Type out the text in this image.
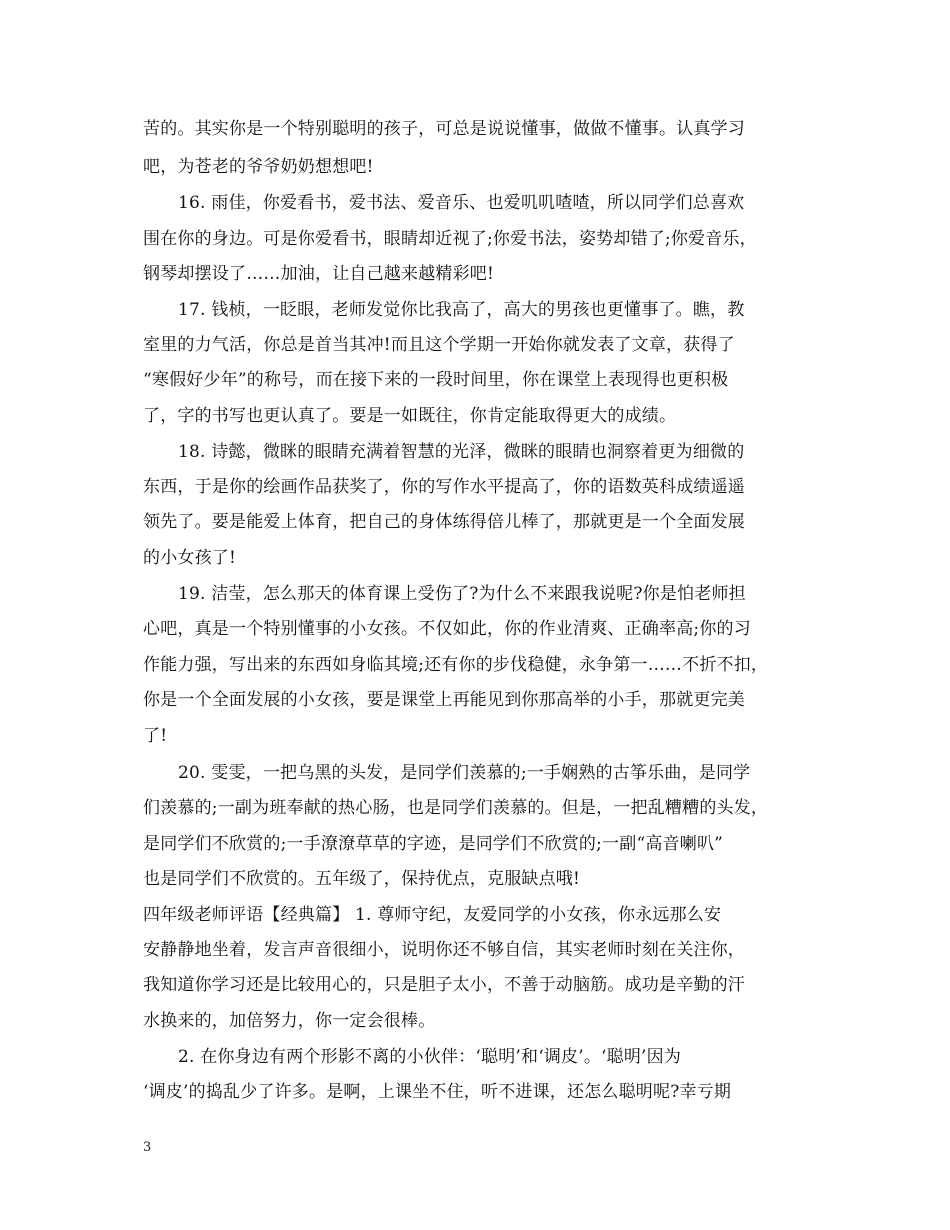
苦的。其实你是一个特别聪明的孩子，可总是说说懂事，做做不懂事。认真学习
吧，为苍老的爷爷奶奶想想吧!
16. 雨佳，你爱看书，爱书法、爱音乐、也爱叽叽喳喳，所以同学们总喜欢
围在你的身边。可是你爱看书，眼睛却近视了;你爱书法，姿势却错了;你爱音乐，
钢琴却摆设了……加油，让自己越来越精彩吧!
17. 钱桢，一眨眼，老师发觉你比我高了，高大的男孩也更懂事了。瞧，教
室里的力气活，你总是首当其冲!而且这个学期一开始你就发表了文章，获得了
“寒假好少年”的称号，而在接下来的一段时间里，你在课堂上表现得也更积极
了，字的书写也更认真了。要是一如既往，你肯定能取得更大的成绩。
18. 诗懿，微眯的眼睛充满着智慧的光泽，微眯的眼睛也洞察着更为细微的
东西，于是你的绘画作品获奖了，你的写作水平提高了，你的语数英科成绩遥遥
领先了。要是能爱上体育，把自己的身体练得倍儿棒了，那就更是一个全面发展
的小女孩了!
19. 洁莹，怎么那天的体育课上受伤了?为什么不来跟我说呢?你是怕老师担
心吧，真是一个特别懂事的小女孩。不仅如此，你的作业清爽、正确率高;你的习
作能力强，写出来的东西如身临其境;还有你的步伐稳健，永争第一……不折不扣，
你是一个全面发展的小女孩，要是课堂上再能见到你那高举的小手，那就更完美
了!
20. 雯雯，一把乌黑的头发，是同学们羡慕的;一手娴熟的古筝乐曲，是同学
们羡慕的;一副为班奉献的热心肠，也是同学们羡慕的。但是，一把乱糟糟的头发，
是同学们不欣赏的;一手潦潦草草的字迹，是同学们不欣赏的;一副“高音喇叭”
也是同学们不欣赏的。五年级了，保持优点，克服缺点哦!
四年级老师评语【经典篇】 1. 尊师守纪，友爱同学的小女孩，你永远那么安
安静静地坐着，发言声音很细小，说明你还不够自信，其实老师时刻在关注你，
我知道你学习还是比较用心的，只是胆子太小，不善于动脑筋。成功是辛勤的汗
水换来的，加倍努力，你一定会很棒。
2. 在你身边有两个形影不离的小伙伴：‘聪明’和‘调皮’。‘聪明’因为
‘调皮’的捣乱少了许多。是啊，上课坐不住，听不进课，还怎么聪明呢?幸亏期
3
